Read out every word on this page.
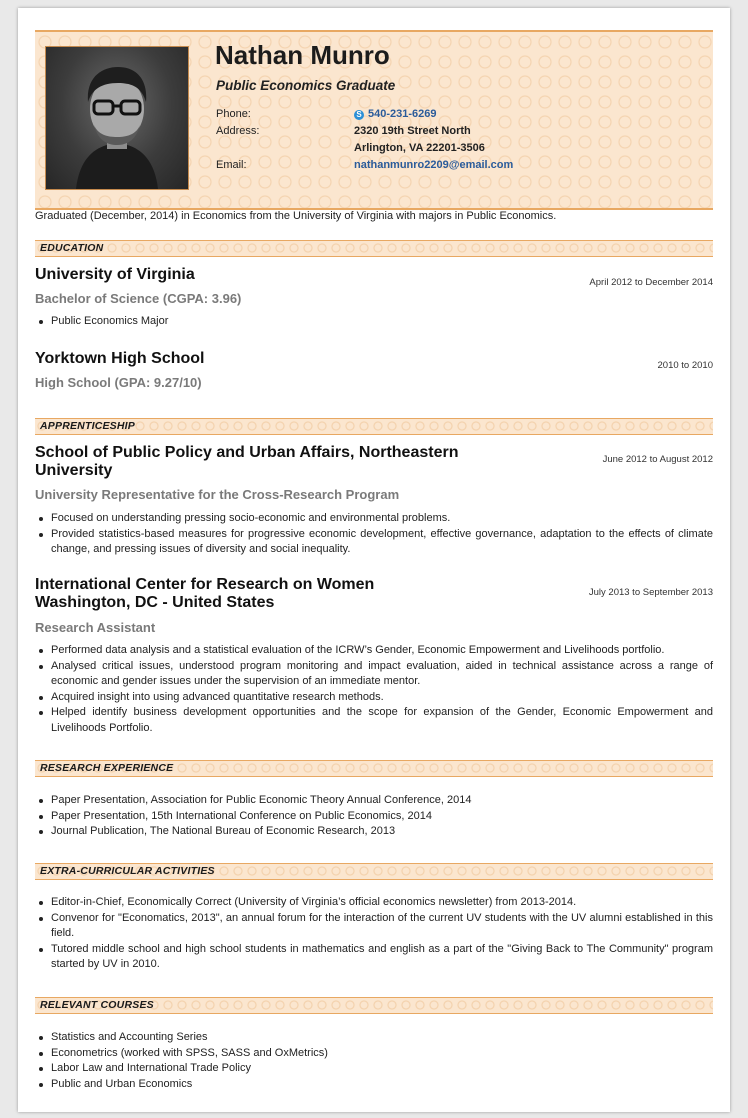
Nathan Munro
Public Economics Graduate
Phone:	S 540-231-6269
Address:	2320 19th Street North
Arlington, VA 22201-3506
Email:	nathanmunro2209@email.com
Graduated (December, 2014) in Economics from the University of Virginia with majors in Public Economics.
EDUCATION
University of Virginia	April 2012 to December 2014
Bachelor of Science (CGPA: 3.96)
Public Economics Major
Yorktown High School	2010 to 2010
High School (GPA: 9.27/10)
APPRENTICESHIP
School of Public Policy and Urban Affairs, Northeastern
University
June 2012 to August 2012
University Representative for the Cross-Research Program
Focused on understanding pressing socio-economic and environmental problems.
Provided statistics-based measures for progressive economic development, effective governance, adaptation to the effects of climate change, and pressing issues of diversity and social inequality.
International Center for Research on Women
Washington, DC - United States
July 2013 to September 2013
Research Assistant
Performed data analysis and a statistical evaluation of the ICRW’s Gender, Economic Empowerment and Livelihoods portfolio.
Analysed critical issues, understood program monitoring and impact evaluation, aided in technical assistance across a range of economic and gender issues under the supervision of an immediate mentor.
Acquired insight into using advanced quantitative research methods.
Helped identify business development opportunities and the scope for expansion of the Gender, Economic Empowerment and Livelihoods Portfolio.
RESEARCH EXPERIENCE
Paper Presentation, Association for Public Economic Theory Annual Conference, 2014
Paper Presentation, 15th International Conference on Public Economics, 2014
Journal Publication, The National Bureau of Economic Research, 2013
EXTRA-CURRICULAR ACTIVITIES
Editor-in-Chief, Economically Correct (University of Virginia’s official economics newsletter) from 2013-2014.
Convenor for "Economatics, 2013", an annual forum for the interaction of the current UV students with the UV alumni established in this field.
Tutored middle school and high school students in mathematics and english as a part of the "Giving Back to The Community" program started by UV in 2010.
RELEVANT COURSES
Statistics and Accounting Series
Econometrics (worked with SPSS, SASS and OxMetrics)
Labor Law and International Trade Policy
Public and Urban Economics
